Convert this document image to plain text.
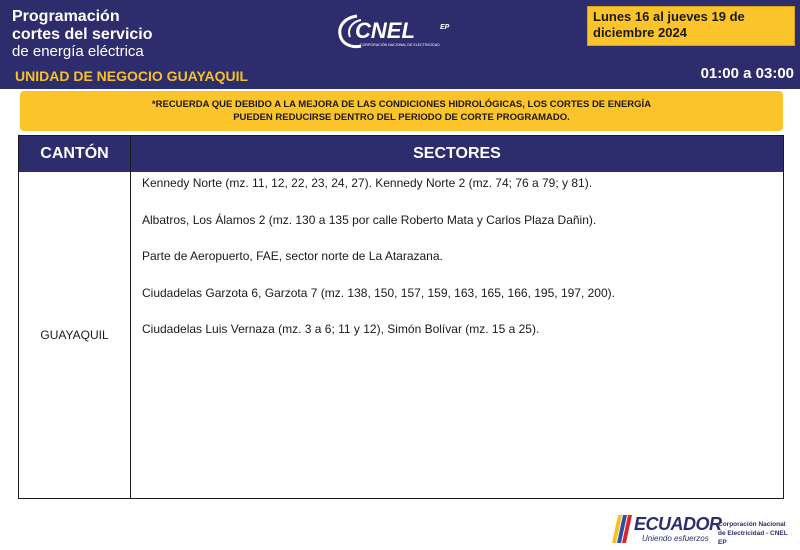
Programación

cortes del servicio

de energía eléctrica

UNIDAD DE NEGOCIO GUAYAQUIL
CNEL	EP
CORPORACIÓN NACIONAL DE ELECTRICIDAD
Lunes 16 al jueves 19 de
diciembre 2024
01:00 a 03:00
*RECUERDA QUE DEBIDO A LA MEJORA DE LAS CONDICIONES HIDROLÓGICAS, LOS CORTES DE ENERGÍA
PUEDEN REDUCIRSE DENTRO DEL PERIODO DE CORTE PROGRAMADO.
CANTÓN	SECTORES
GUAYAQUIL
Kennedy Norte (mz. 11, 12, 22, 23, 24, 27). Kennedy Norte 2 (mz. 74; 76 a 79; y 81).
Albatros, Los Álamos 2 (mz. 130 a 135 por calle Roberto Mata y Carlos Plaza Dañin).
Parte de Aeropuerto, FAE, sector norte de La Atarazana.
Ciudadelas Garzota 6, Garzota 7 (mz. 138, 150, 157, 159, 163, 165, 166, 195, 197, 200).
Ciudadelas Luis Vernaza (mz. 3 a 6; 11 y 12), Simón Bolívar (mz. 15 a 25).
ECUADOR
Uniendo esfuerzos
Corporación Nacional
de Electricidad - CNEL EP
